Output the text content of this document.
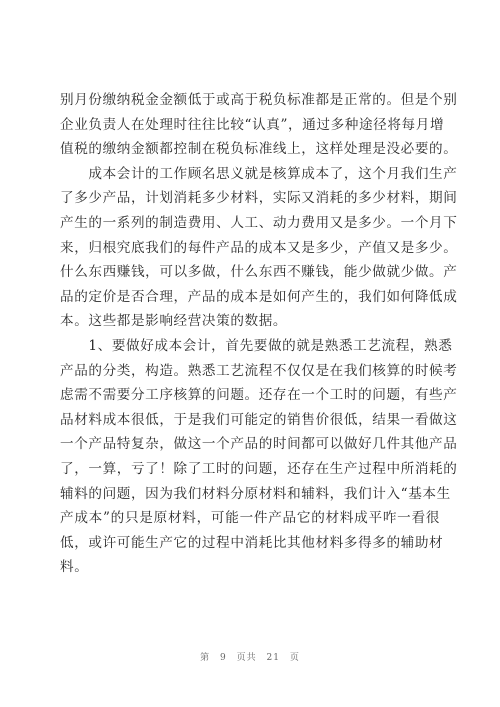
别月份缴纳税金金额低于或高于税负标准都是正常的。但是个别
企业负责人在处理时往往比较“认真”，通过多种途径将每月增
值税的缴纳金额都控制在税负标准线上，这样处理是没必要的。

　　成本会计的工作顾名思义就是核算成本了，这个月我们生产
了多少产品，计划消耗多少材料，实际又消耗的多少材料，期间
产生的一系列的制造费用、人工、动力费用又是多少。一个月下
来，归根究底我们的每件产品的成本又是多少，产值又是多少。
什么东西赚钱，可以多做，什么东西不赚钱，能少做就少做。产
品的定价是否合理，产品的成本是如何产生的，我们如何降低成
本。这些都是影响经营决策的数据。

　　1、要做好成本会计，首先要做的就是熟悉工艺流程，熟悉
产品的分类，构造。熟悉工艺流程不仅仅是在我们核算的时候考
虑需不需要分工序核算的问题。还存在一个工时的问题，有些产
品材料成本很低，于是我们可能定的销售价很低，结果一看做这
一个产品特复杂，做这一个产品的时间都可以做好几件其他产品
了，一算，亏了！除了工时的问题，还存在生产过程中所消耗的
辅料的问题，因为我们材料分原材料和辅料，我们计入“基本生
产成本”的只是原材料，可能一件产品它的材料成平咋一看很
低，或许可能生产它的过程中消耗比其他材料多得多的辅助材
料。

第 9 页共 21 页
